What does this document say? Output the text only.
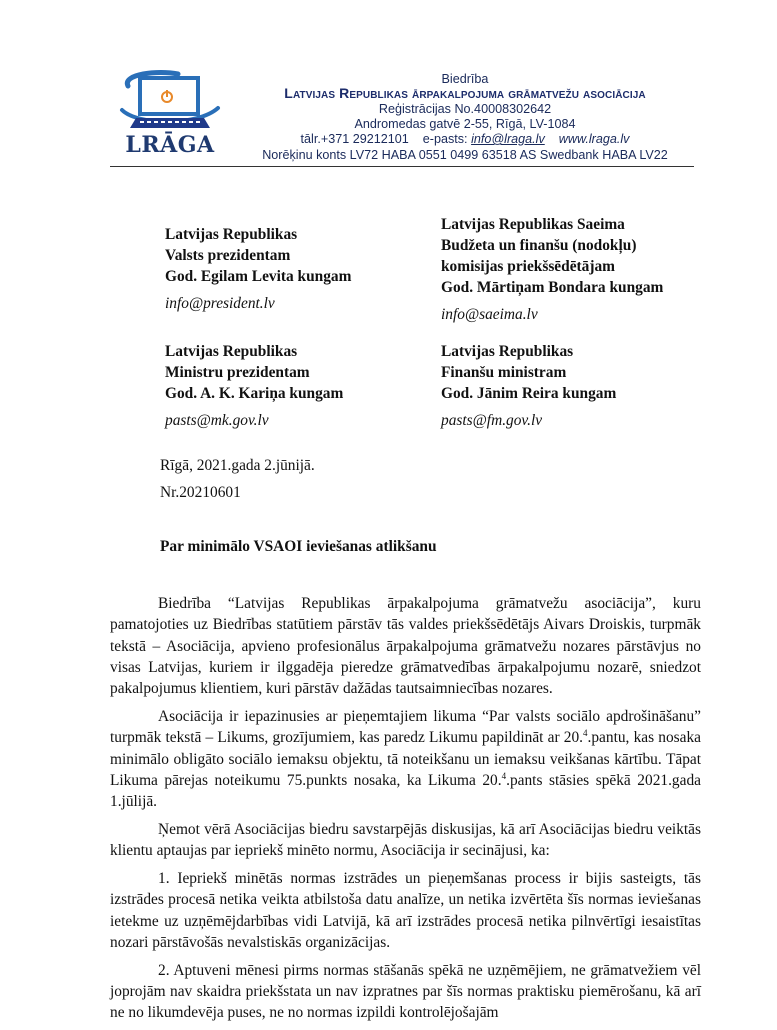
LRĀGA
Biedrība
Latvijas Republikas ārpakalpojuma grāmatvežu asociācija
Reģistrācijas No.40008302642
Andromedas gatvē 2-55, Rīgā, LV-1084
tālr.+371 29212101 e-pasts: info@lraga.lv www.lraga.lv
Norēķinu konts LV72 HABA 0551 0499 63518 AS Swedbank HABA LV22
Latvijas Republikas
Valsts prezidentam
God. Egilam Levita kungam
info@president.lv
Latvijas Republikas Saeima
Budžeta un finanšu (nodokļu)
komisijas priekšsēdētājam
God. Mārtiņam Bondara kungam
info@saeima.lv
Latvijas Republikas
Ministru prezidentam
God. A. K. Kariņa kungam
pasts@mk.gov.lv
Latvijas Republikas
Finanšu ministram
God. Jānim Reira kungam
pasts@fm.gov.lv
Rīgā, 2021.gada 2.jūnijā.
Nr.20210601
Par minimālo VSAOI ieviešanas atlikšanu

Biedrība “Latvijas Republikas ārpakalpojuma grāmatvežu asociācija”, kuru pamatojoties uz Biedrības statūtiem pārstāv tās valdes priekšsēdētājs Aivars Droiskis, turpmāk tekstā – Asociācija, apvieno profesionālus ārpakalpojuma grāmatvežu nozares pārstāvjus no visas Latvijas, kuriem ir ilggadēja pieredze grāmatvedības ārpakalpojumu nozarē, sniedzot pakalpojumus klientiem, kuri pārstāv dažādas tautsaimniecības nozares.

Asociācija ir iepazinusies ar pieņemtajiem likuma “Par valsts sociālo apdrošināšanu” turpmāk tekstā – Likums, grozījumiem, kas paredz Likumu papildināt ar 20.$^4$.pantu, kas nosaka minimālo obligāto sociālo iemaksu objektu, tā noteikšanu un iemaksu veikšanas kārtību. Tāpat Likuma pārejas noteikumu 75.punkts nosaka, ka Likuma 20.$^4$.pants stāsies spēkā 2021.gada 1.jūlijā.

Ņemot vērā Asociācijas biedru savstarpējās diskusijas, kā arī Asociācijas biedru veiktās klientu aptaujas par iepriekš minēto normu, Asociācija ir secinājusi, ka:

1. Iepriekš minētās normas izstrādes un pieņemšanas process ir bijis sasteigts, tās izstrādes procesā netika veikta atbilstoša datu analīze, un netika izvērtēta šīs normas ieviešanas ietekme uz uzņēmējdarbības vidi Latvijā, kā arī izstrādes procesā netika pilnvērtīgi iesaistītas nozari pārstāvošās nevalstiskās organizācijas.

2. Aptuveni mēnesi pirms normas stāšanās spēkā ne uzņēmējiem, ne grāmatvežiem vēl joprojām nav skaidra priekšstata un nav izpratnes par šīs normas praktisku piemērošanu, kā arī ne no likumdevēja puses, ne no normas izpildi kontrolējošajām
